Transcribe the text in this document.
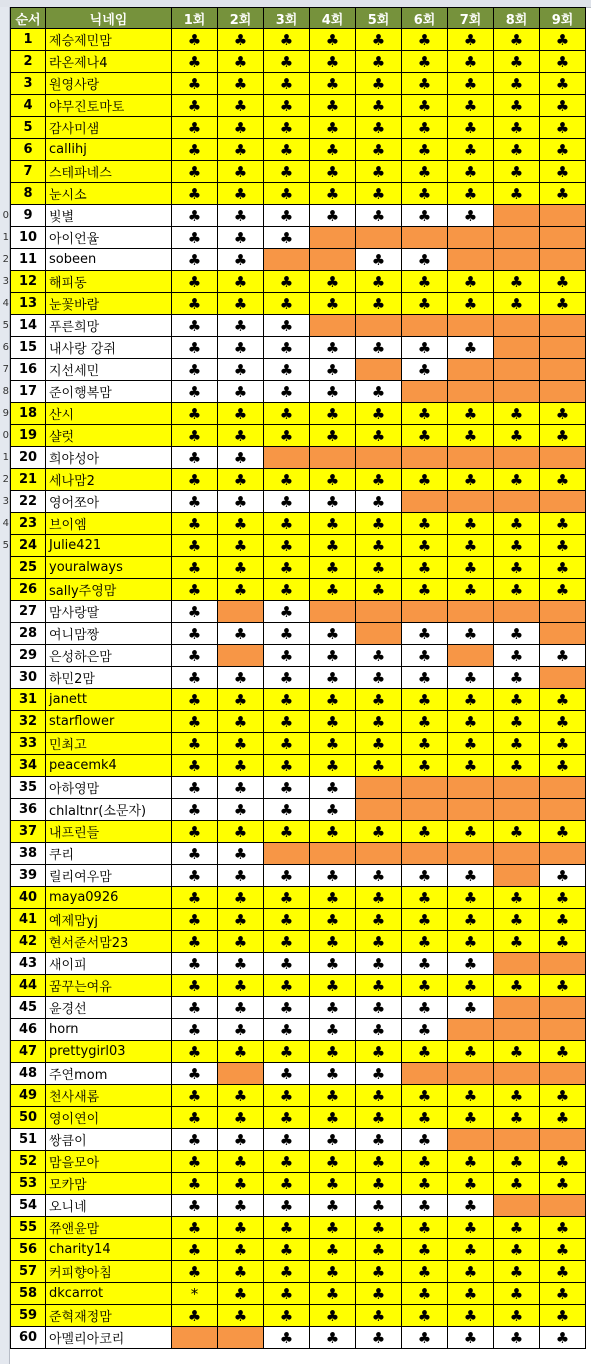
0
1
2
3
4
5
6
7
8
9
0
1
2
3
4
5
순서	닉네임	1회	2회	3회	4회	5회	6회	7회	8회	9회
1	제승제민맘	♣	♣	♣	♣	♣	♣	♣	♣	♣
2	라온제나4	♣	♣	♣	♣	♣	♣	♣	♣	♣
3	원영사랑	♣	♣	♣	♣	♣	♣	♣	♣	♣
4	야무진토마토	♣	♣	♣	♣	♣	♣	♣	♣	♣
5	감사미샘	♣	♣	♣	♣	♣	♣	♣	♣	♣
6	callihj	♣	♣	♣	♣	♣	♣	♣	♣	♣
7	스테파네스	♣	♣	♣	♣	♣	♣	♣	♣	♣
8	눈시소	♣	♣	♣	♣	♣	♣	♣	♣	♣
9	빛별	♣	♣	♣	♣	♣	♣	♣		
10	아이언율	♣	♣	♣						
11	sobeen	♣	♣			♣	♣			
12	해피동	♣	♣	♣	♣	♣	♣	♣	♣	♣
13	눈꽃바람	♣	♣	♣	♣	♣	♣	♣	♣	♣
14	푸른희망	♣	♣	♣						
15	내사랑 강쥐	♣	♣	♣	♣	♣	♣	♣		
16	지선세민	♣	♣	♣	♣		♣			
17	준이행복맘	♣	♣	♣	♣	♣				
18	산시	♣	♣	♣	♣	♣	♣	♣	♣	♣
19	샬럿	♣	♣	♣	♣	♣	♣	♣	♣	♣
20	희야성아	♣	♣							
21	세나맘2	♣	♣	♣	♣	♣	♣	♣	♣	♣
22	영어쪼아	♣	♣	♣	♣	♣				
23	브이엠	♣	♣	♣	♣	♣	♣	♣	♣	♣
24	Julie421	♣	♣	♣	♣	♣	♣	♣	♣	♣
25	youralways	♣	♣	♣	♣	♣	♣	♣	♣	♣
26	sally주영맘	♣	♣	♣	♣	♣	♣	♣	♣	♣
27	맘사랑딸	♣		♣						
28	여니맘짱	♣	♣	♣	♣		♣	♣	♣	
29	은성하은맘	♣		♣	♣	♣	♣		♣	♣
30	하민2맘	♣	♣	♣	♣	♣	♣	♣	♣	
31	janett	♣	♣	♣	♣	♣	♣	♣	♣	♣
32	starflower	♣	♣	♣	♣	♣	♣	♣	♣	♣
33	민최고	♣	♣	♣	♣	♣	♣	♣	♣	♣
34	peacemk4	♣	♣	♣	♣	♣	♣	♣	♣	♣
35	아하영맘	♣	♣	♣	♣					
36	chlaltnr(소문자)	♣	♣	♣	♣					
37	내프린들	♣	♣	♣	♣	♣	♣	♣	♣	♣
38	쿠리	♣	♣							
39	릴리여우맘	♣	♣	♣	♣	♣	♣	♣		♣
40	maya0926	♣	♣	♣	♣	♣	♣	♣	♣	♣
41	예제맘yj	♣	♣	♣	♣	♣	♣	♣	♣	♣
42	현서준서맘23	♣	♣	♣	♣	♣	♣	♣	♣	♣
43	새이피	♣	♣	♣	♣	♣	♣	♣		
44	꿈꾸는여유	♣	♣	♣	♣	♣	♣	♣	♣	♣
45	윤경선	♣	♣	♣	♣	♣	♣	♣		
46	horn	♣	♣	♣	♣	♣	♣			
47	prettygirl03	♣	♣	♣	♣	♣	♣	♣	♣	♣
48	주연mom	♣		♣	♣	♣				
49	천사새롬	♣	♣	♣	♣	♣	♣	♣	♣	♣
50	영이연이	♣	♣	♣	♣	♣	♣	♣	♣	♣
51	쌍큼이	♣	♣	♣	♣	♣	♣			
52	맘을모아	♣	♣	♣	♣	♣	♣	♣	♣	♣
53	모카맘	♣	♣	♣	♣	♣	♣	♣	♣	♣
54	오니네	♣	♣	♣	♣	♣	♣	♣		
55	쮸앤윤맘	♣	♣	♣	♣	♣	♣	♣	♣	♣
56	charity14	♣	♣	♣	♣	♣	♣	♣	♣	♣
57	커피향아침	♣	♣	♣	♣	♣	♣	♣	♣	♣
58	dkcarrot	*	♣	♣	♣	♣	♣	♣	♣	♣
59	준혁재정맘	♣	♣	♣	♣	♣	♣	♣	♣	♣
60	아멜리아코리			♣	♣	♣	♣	♣	♣	♣
